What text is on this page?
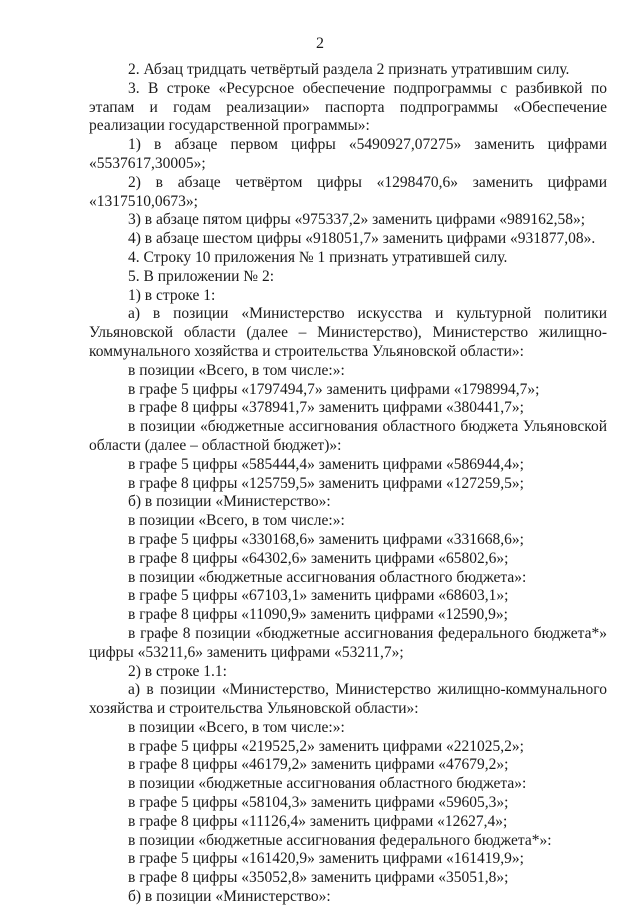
2

2. Абзац тридцать четвёртый раздела 2 признать утратившим силу.

3. В строке «Ресурсное обеспечение подпрограммы с разбивкой по этапам и годам реализации» паспорта подпрограммы «Обеспечение реализации государственной программы»:

1) в абзаце первом цифры «5490927,07275» заменить цифрами «5537617,30005»;

2) в абзаце четвёртом цифры «1298470,6» заменить цифрами «1317510,0673»;

3) в абзаце пятом цифры «975337,2» заменить цифрами «989162,58»;

4) в абзаце шестом цифры «918051,7» заменить цифрами «931877,08».

4. Строку 10 приложения № 1 признать утратившей силу.

5. В приложении № 2:

1) в строке 1:

а) в позиции «Министерство искусства и культурной политики Ульяновской области (далее – Министерство), Министерство жилищно-коммунального хозяйства и строительства Ульяновской области»:

в позиции «Всего, в том числе:»:

в графе 5 цифры «1797494,7» заменить цифрами «1798994,7»;

в графе 8 цифры «378941,7» заменить цифрами «380441,7»;

в позиции «бюджетные ассигнования областного бюджета Ульяновской области (далее – областной бюджет)»:

в графе 5 цифры «585444,4» заменить цифрами «586944,4»;

в графе 8 цифры «125759,5» заменить цифрами «127259,5»;

б) в позиции «Министерство»:

в позиции «Всего, в том числе:»:

в графе 5 цифры «330168,6» заменить цифрами «331668,6»;

в графе 8 цифры «64302,6» заменить цифрами «65802,6»;

в позиции «бюджетные ассигнования областного бюджета»:

в графе 5 цифры «67103,1» заменить цифрами «68603,1»;

в графе 8 цифры «11090,9» заменить цифрами «12590,9»;

в графе 8 позиции «бюджетные ассигнования федерального бюджета*» цифры «53211,6» заменить цифрами «53211,7»;

2) в строке 1.1:

а) в позиции «Министерство, Министерство жилищно-коммунального хозяйства и строительства Ульяновской области»:

в позиции «Всего, в том числе:»:

в графе 5 цифры «219525,2» заменить цифрами «221025,2»;

в графе 8 цифры «46179,2» заменить цифрами «47679,2»;

в позиции «бюджетные ассигнования областного бюджета»:

в графе 5 цифры «58104,3» заменить цифрами «59605,3»;

в графе 8 цифры «11126,4» заменить цифрами «12627,4»;

в позиции «бюджетные ассигнования федерального бюджета*»:

в графе 5 цифры «161420,9» заменить цифрами «161419,9»;

в графе 8 цифры «35052,8» заменить цифрами «35051,8»;

б) в позиции «Министерство»:
